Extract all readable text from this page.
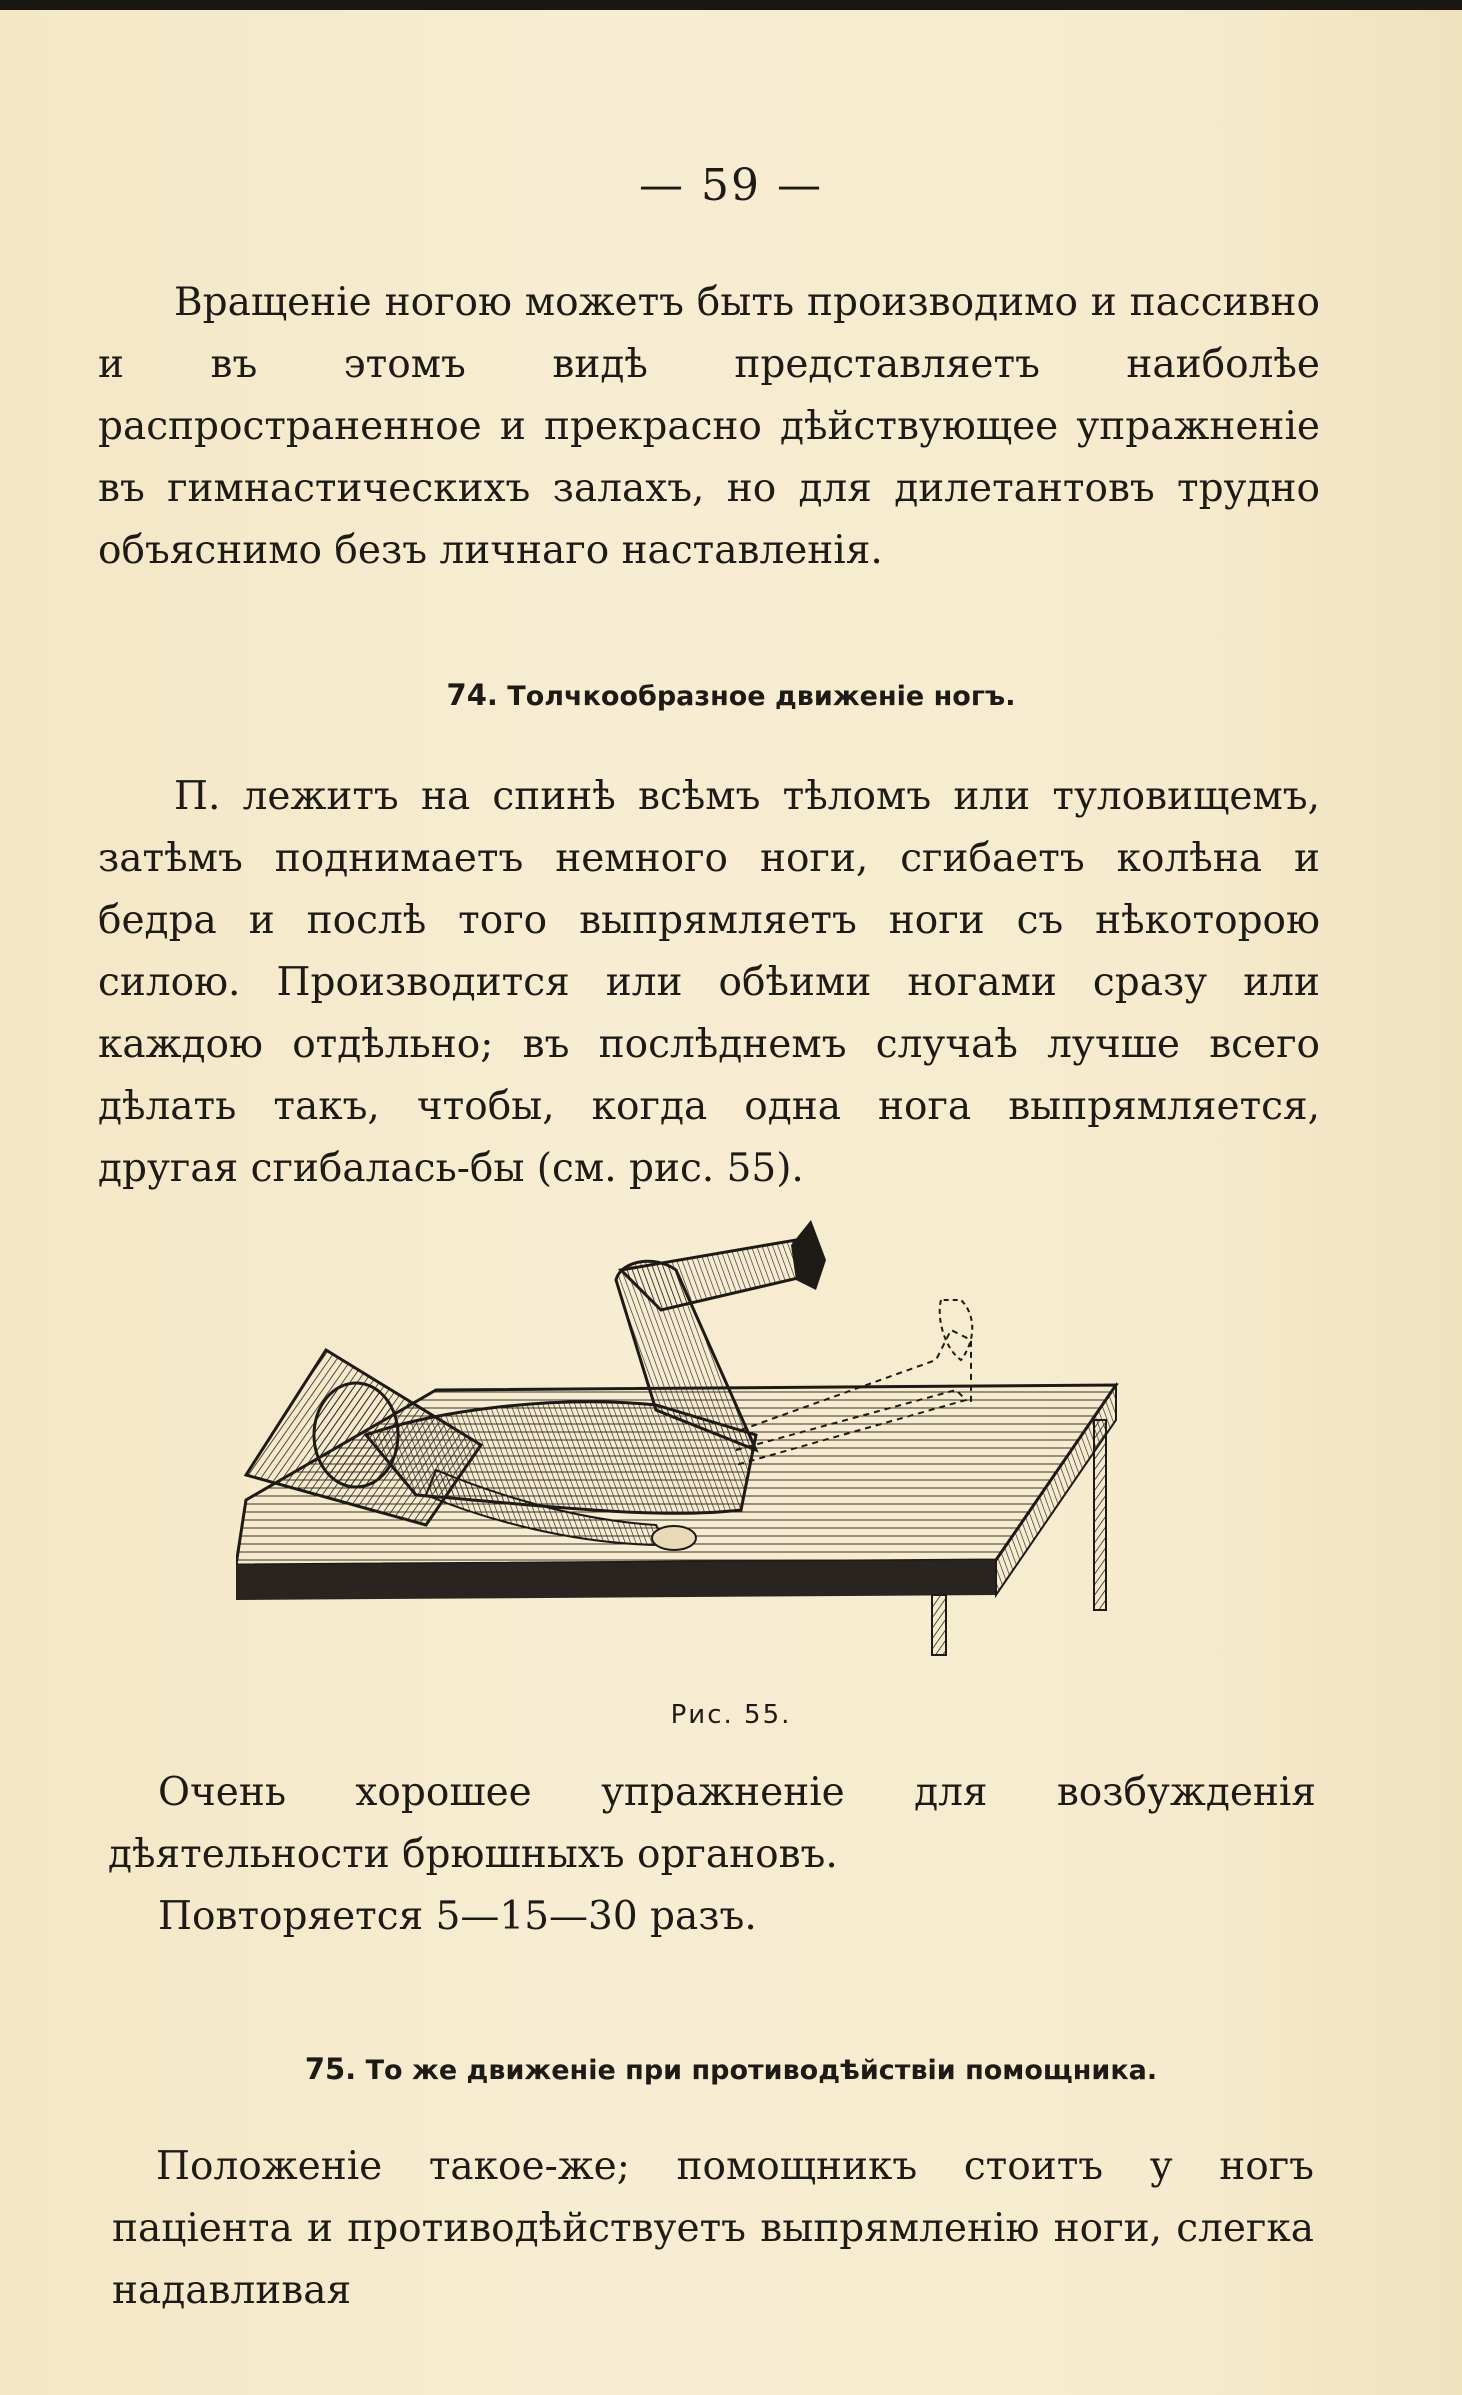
— 59 —

Вращеніе ногою можетъ быть производимо и пассивно и въ этомъ видѣ представляетъ наиболѣе распространенное и прекрасно дѣйствующее упражненіе въ гимнастическихъ залахъ, но для дилетантовъ трудно объяснимо безъ личнаго наставленія.

74. Толчкообразное движеніе ногъ.

П. лежитъ на спинѣ всѣмъ тѣломъ или туловищемъ, затѣмъ поднимаетъ немного ноги, сгибаетъ колѣна и бедра и послѣ того выпрямляетъ ноги съ нѣкоторою силою. Производится или обѣими ногами сразу или каждою отдѣльно; въ послѣднемъ случаѣ лучше всего дѣлать такъ, чтобы, когда одна нога выпрямляется, другая сгибалась-бы (см. рис. 55).

Рис. 55.

Очень хорошее упражненіе для возбужденія дѣятельности брюшныхъ органовъ.

Повторяется 5—15—30 разъ.

75. То же движеніе при противодѣйствіи помощника.

Положеніе такое-же; помощникъ стоитъ у ногъ паціента и противодѣйствуетъ выпрямленію ноги, слегка надавливая
